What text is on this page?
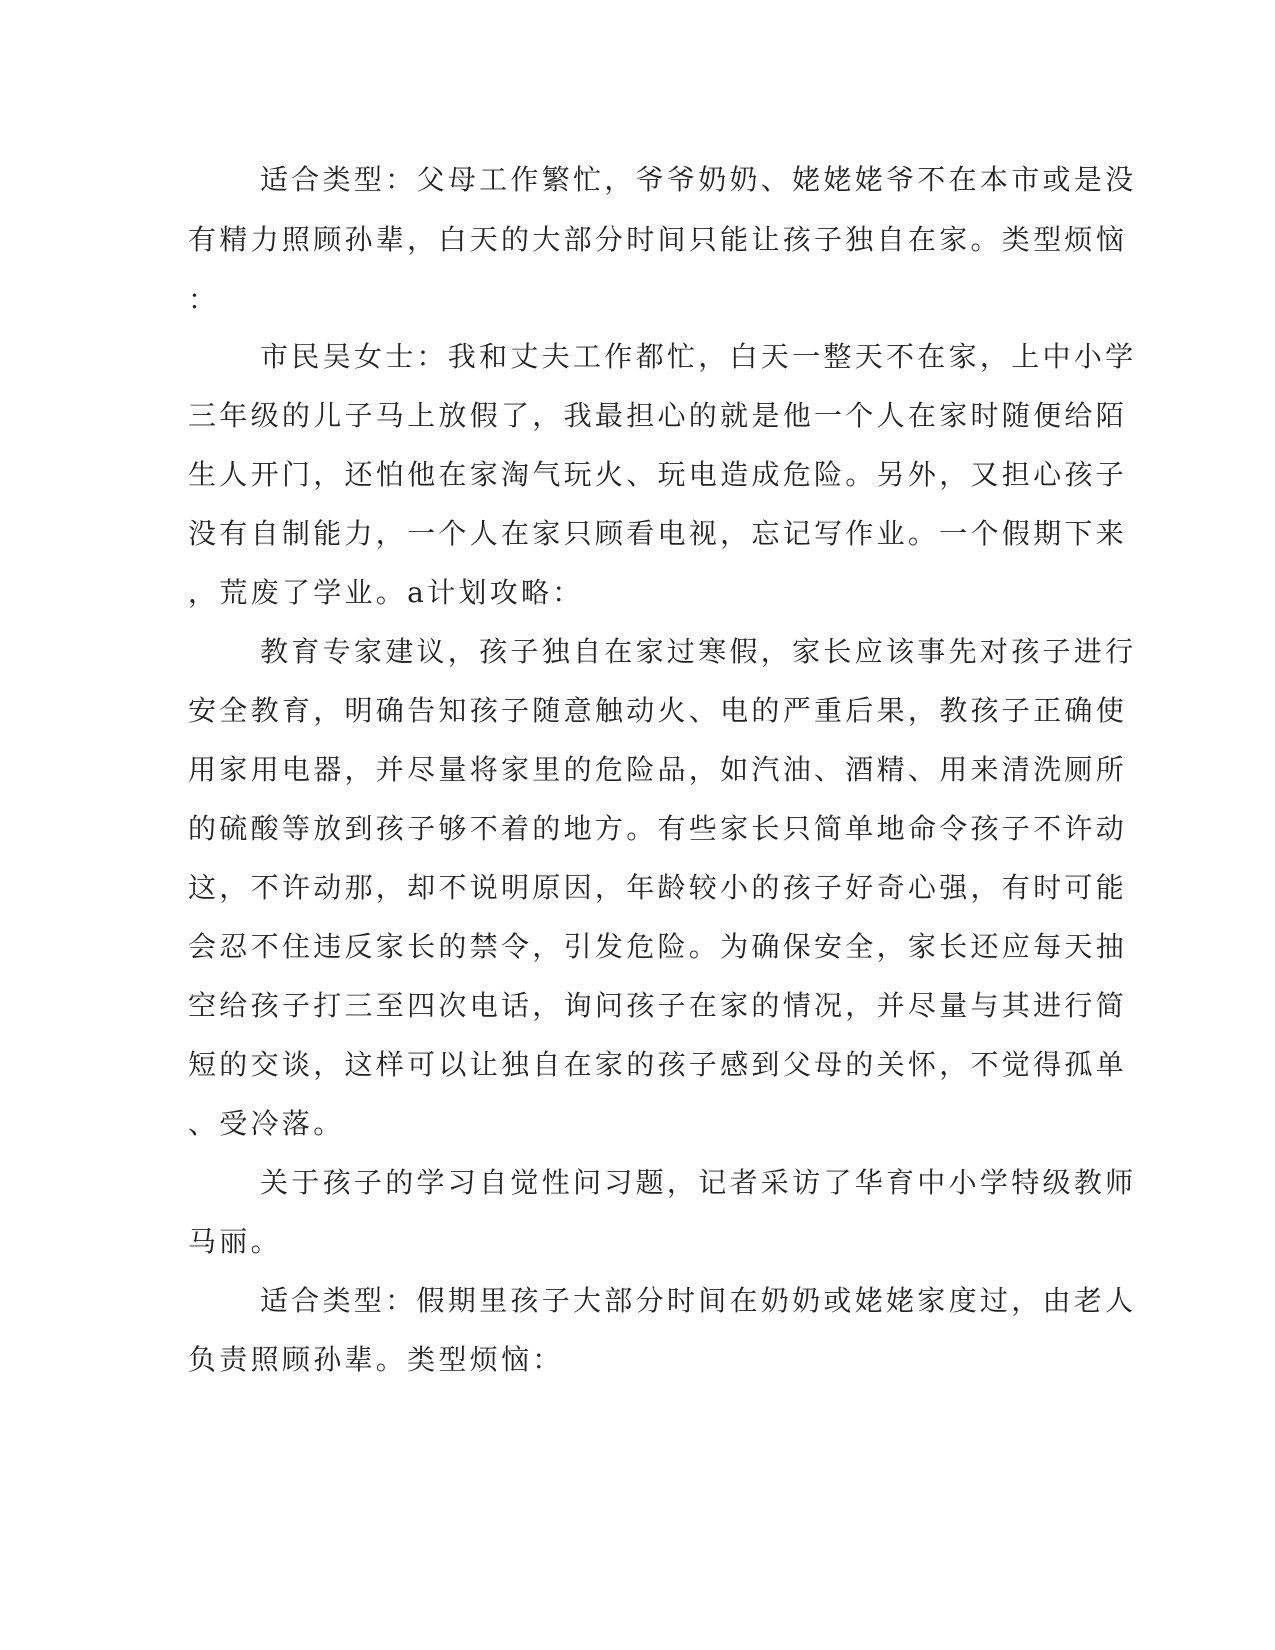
适合类型：父母工作繁忙，爷爷奶奶、姥姥姥爷不在本市或是没
有精力照顾孙辈，白天的大部分时间只能让孩子独自在家。类型烦恼
：
市民吴女士：我和丈夫工作都忙，白天一整天不在家，上中小学
三年级的儿子马上放假了，我最担心的就是他一个人在家时随便给陌
生人开门，还怕他在家淘气玩火、玩电造成危险。另外，又担心孩子
没有自制能力，一个人在家只顾看电视，忘记写作业。一个假期下来
，荒废了学业。a计划攻略：
教育专家建议，孩子独自在家过寒假，家长应该事先对孩子进行
安全教育，明确告知孩子随意触动火、电的严重后果，教孩子正确使
用家用电器，并尽量将家里的危险品，如汽油、酒精、用来清洗厕所
的硫酸等放到孩子够不着的地方。有些家长只简单地命令孩子不许动
这，不许动那，却不说明原因，年龄较小的孩子好奇心强，有时可能
会忍不住违反家长的禁令，引发危险。为确保安全，家长还应每天抽
空给孩子打三至四次电话，询问孩子在家的情况，并尽量与其进行简
短的交谈，这样可以让独自在家的孩子感到父母的关怀，不觉得孤单
、受冷落。
关于孩子的学习自觉性问习题，记者采访了华育中小学特级教师
马丽。
适合类型：假期里孩子大部分时间在奶奶或姥姥家度过，由老人
负责照顾孙辈。类型烦恼：
